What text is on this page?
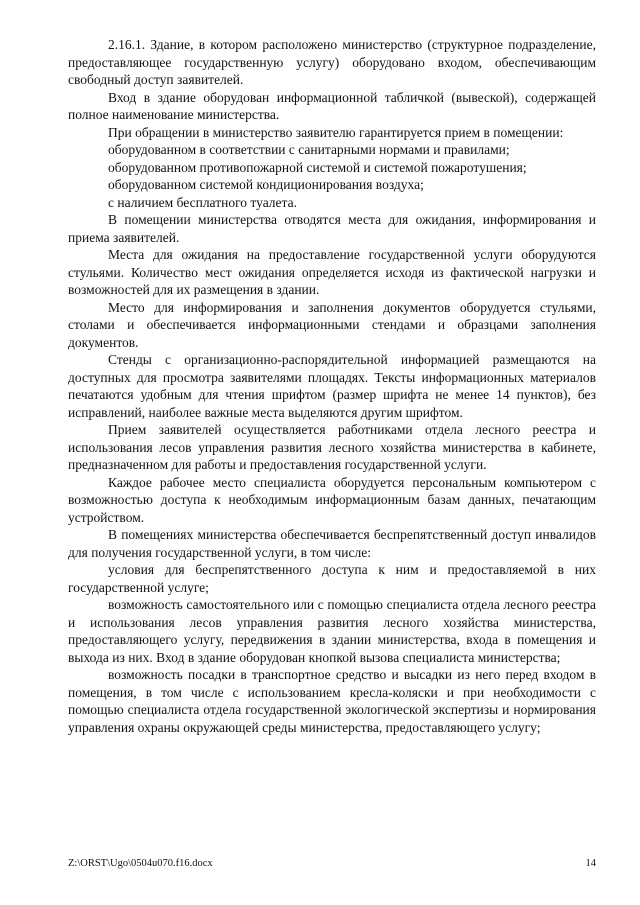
2.16.1. Здание, в котором расположено министерство (структурное подразделение, предоставляющее государственную услугу) оборудовано входом, обеспечивающим свободный доступ заявителей.

Вход в здание оборудован информационной табличкой (вывеской), содержащей полное наименование министерства.

При обращении в министерство заявителю гарантируется прием в помещении:

оборудованном в соответствии с санитарными нормами и правилами;

оборудованном противопожарной системой и системой пожаротушения;

оборудованном системой кондиционирования воздуха;

с наличием бесплатного туалета.

В помещении министерства отводятся места для ожидания, информирования и приема заявителей.

Места для ожидания на предоставление государственной услуги оборудуются стульями. Количество мест ожидания определяется исходя из фактической нагрузки и возможностей для их размещения в здании.

Место для информирования и заполнения документов оборудуется стульями, столами и обеспечивается информационными стендами и образцами заполнения документов.

Стенды с организационно-распорядительной информацией размещаются на доступных для просмотра заявителями площадях. Тексты информационных материалов печатаются удобным для чтения шрифтом (размер шрифта не менее 14 пунктов), без исправлений, наиболее важные места выделяются другим шрифтом.

Прием заявителей осуществляется работниками отдела лесного реестра и использования лесов управления развития лесного хозяйства министерства в кабинете, предназначенном для работы и предоставления государственной услуги.

Каждое рабочее место специалиста оборудуется персональным компьютером с возможностью доступа к необходимым информационным базам данных, печатающим устройством.

В помещениях министерства обеспечивается беспрепятственный доступ инвалидов для получения государственной услуги, в том числе:

условия для беспрепятственного доступа к ним и предоставляемой в них государственной услуге;

возможность самостоятельного или с помощью специалиста отдела лесного реестра и использования лесов управления развития лесного хозяйства министерства, предоставляющего услугу, передвижения в здании министерства, входа в помещения и выхода из них. Вход в здание оборудован кнопкой вызова специалиста министерства;

возможность посадки в транспортное средство и высадки из него перед входом в помещения, в том числе с использованием кресла-коляски и при необходимости с помощью специалиста отдела государственной экологической экспертизы и нормирования управления охраны окружающей среды министерства, предоставляющего услугу;

Z:\ORST\Ugo\0504u070.f16.docx	14
